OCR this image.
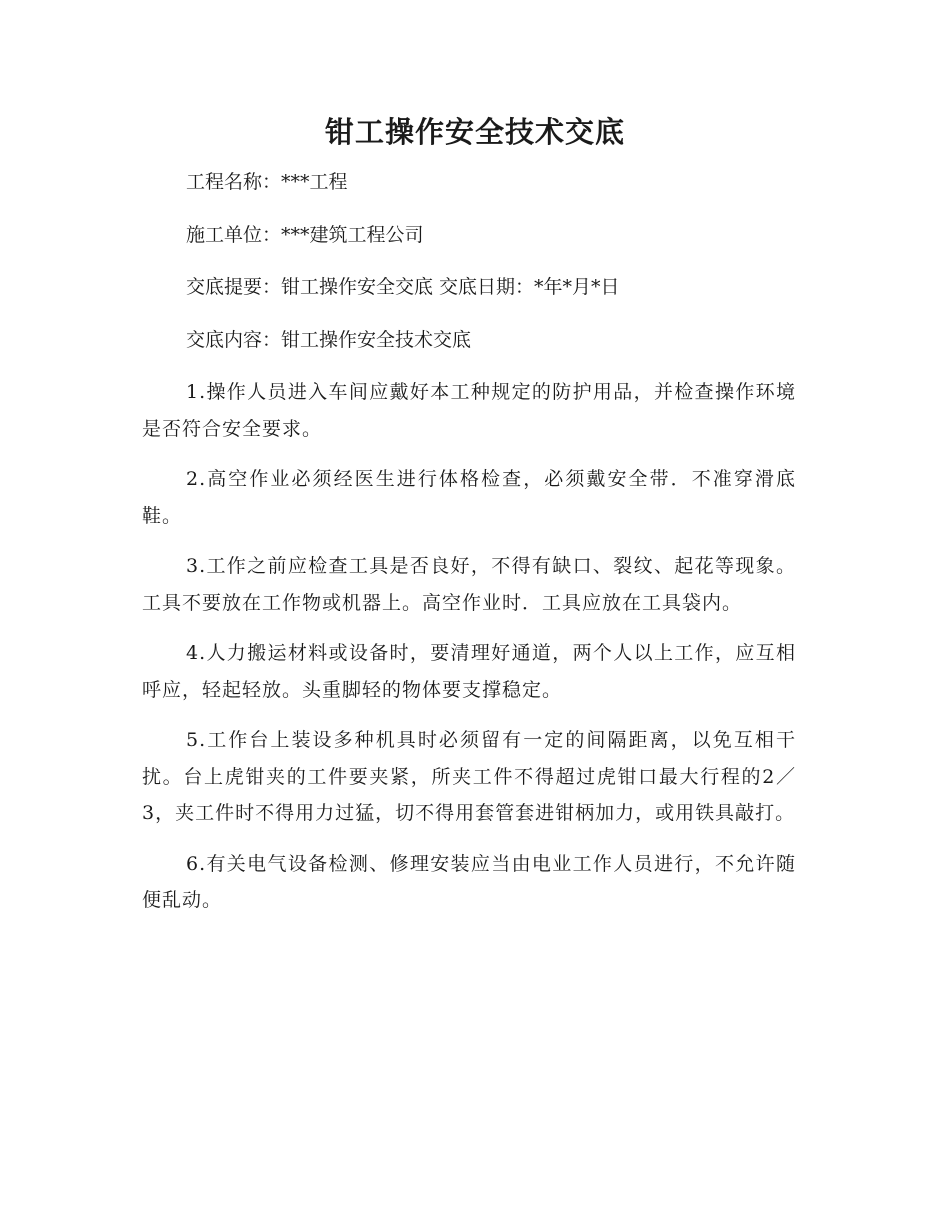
钳工操作安全技术交底

工程名称：***工程

施工单位：***建筑工程公司

交底提要：钳工操作安全交底 交底日期：*年*月*日

交底内容：钳工操作安全技术交底

1.操作人员进入车间应戴好本工种规定的防护用品，并检查操作环境是否符合安全要求。

2.高空作业必须经医生进行体格检查，必须戴安全带．不准穿滑底鞋。

3.工作之前应检查工具是否良好，不得有缺口、裂纹、起花等现象。工具不要放在工作物或机器上。高空作业时．工具应放在工具袋内。

4.人力搬运材料或设备时，要清理好通道，两个人以上工作，应互相呼应，轻起轻放。头重脚轻的物体要支撑稳定。

5.工作台上装设多种机具时必须留有一定的间隔距离，以免互相干扰。台上虎钳夹的工件要夹紧，所夹工件不得超过虎钳口最大行程的2／3，夹工件时不得用力过猛，切不得用套管套进钳柄加力，或用铁具敲打。

6.有关电气设备检测、修理安装应当由电业工作人员进行，不允许随便乱动。
